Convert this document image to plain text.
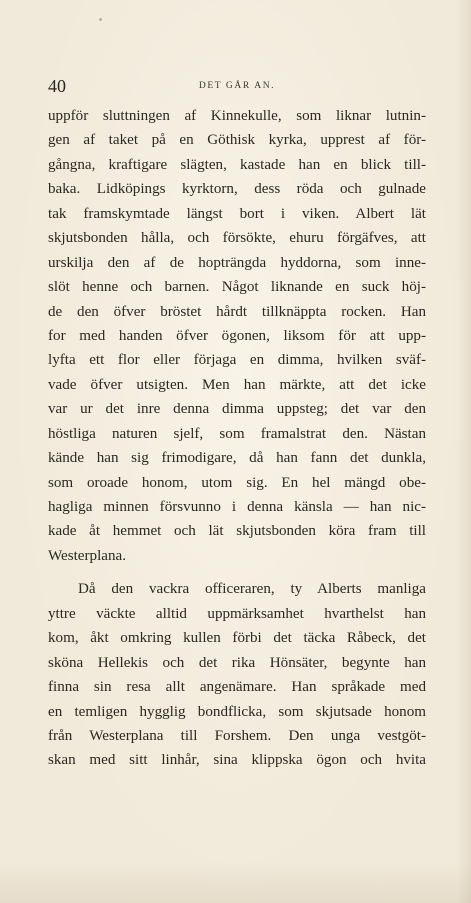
40	DET GÅR AN.
uppför sluttningen af Kinnekulle, som liknar lutnin-
gen af taket på en Göthisk kyrka, upprest af för-
gångna, kraftigare slägten, kastade han en blick till-
baka. Lidköpings kyrktorn, dess röda och gulnade
tak framskymtade längst bort i viken. Albert lät
skjutsbonden hålla, och försökte, ehuru förgäfves, att
urskilja den af de hopträngda hyddorna, som inne-
slöt henne och barnen. Något liknande en suck höj-
de den öfver bröstet hårdt tillknäppta rocken. Han
for med handen öfver ögonen, liksom för att upp-
lyfta ett flor eller förjaga en dimma, hvilken sväf-
vade öfver utsigten. Men han märkte, att det icke
var ur det inre denna dimma uppsteg; det var den
höstliga naturen sjelf, som framalstrat den. Nästan
kände han sig frimodigare, då han fann det dunkla,
som oroade honom, utom sig. En hel mängd obe-
hagliga minnen försvunno i denna känsla — han nic-
kade åt hemmet och lät skjutsbonden köra fram till
Westerplana.
Då den vackra officeraren, ty Alberts manliga
yttre väckte alltid uppmärksamhet hvarthelst han
kom, åkt omkring kullen förbi det täcka Råbeck, det
sköna Hellekis och det rika Hönsäter, begynte han
finna sin resa allt angenämare. Han språkade med
en temligen hygglig bondflicka, som skjutsade honom
från Westerplana till Forshem. Den unga vestgöt-
skan med sitt linhår, sina klippska ögon och hvita
